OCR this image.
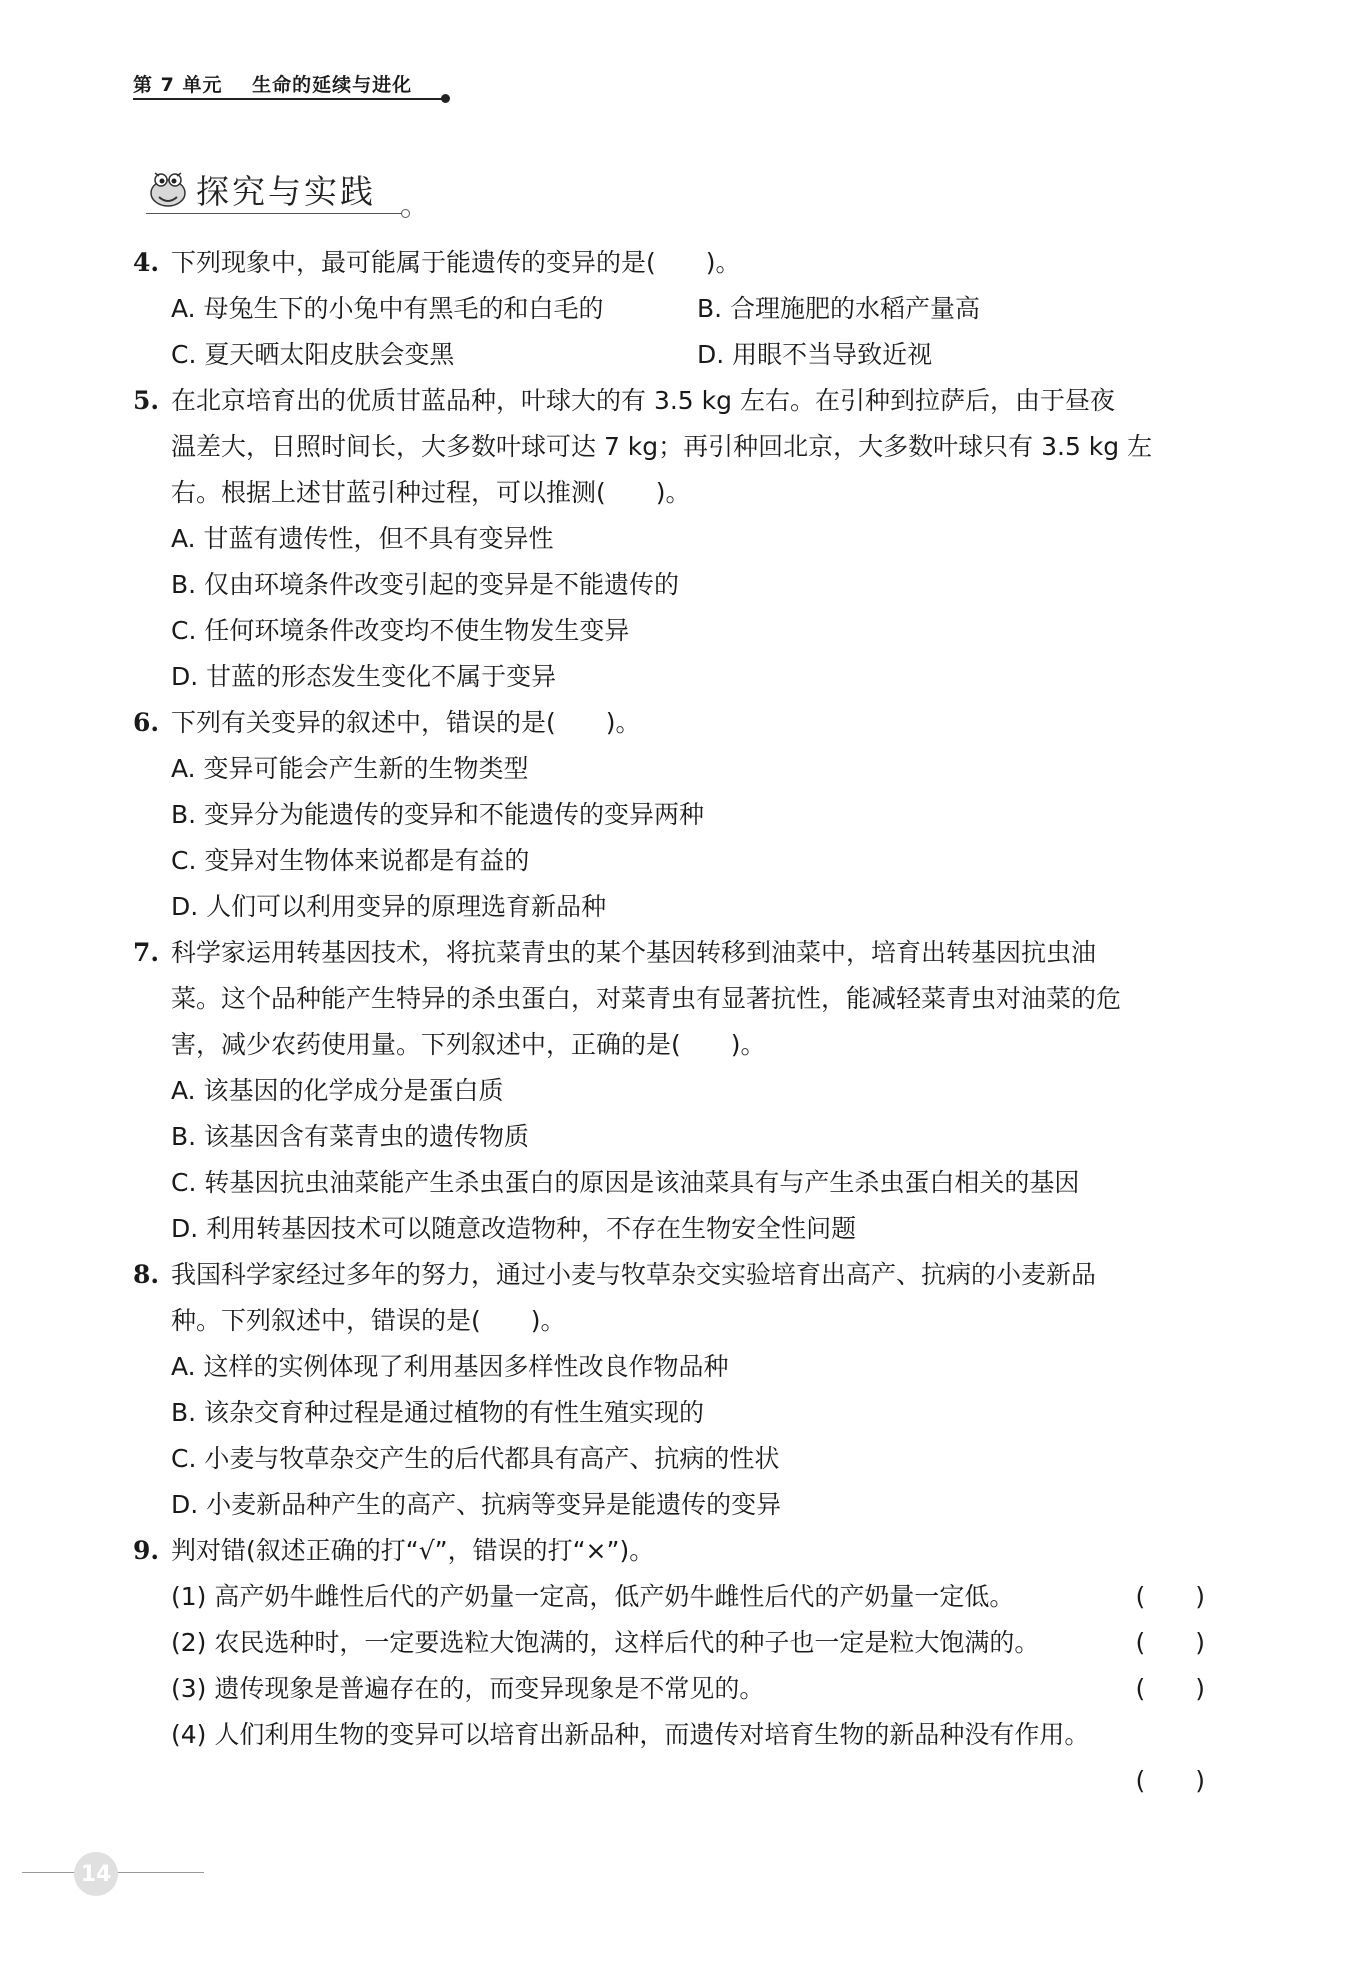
第 7 单元 生命的延续与进化
探究与实践
4. 下列现象中，最可能属于能遗传的变异的是(　　)。
A. 母兔生下的小兔中有黑毛的和白毛的	B. 合理施肥的水稻产量高
C. 夏天晒太阳皮肤会变黑	D. 用眼不当导致近视
5. 在北京培育出的优质甘蓝品种，叶球大的有 3.5 kg 左右。在引种到拉萨后，由于昼夜
温差大，日照时间长，大多数叶球可达 7 kg；再引种回北京，大多数叶球只有 3.5 kg 左
右。根据上述甘蓝引种过程，可以推测(　　)。
A. 甘蓝有遗传性，但不具有变异性
B. 仅由环境条件改变引起的变异是不能遗传的
C. 任何环境条件改变均不使生物发生变异
D. 甘蓝的形态发生变化不属于变异
6. 下列有关变异的叙述中，错误的是(　　)。
A. 变异可能会产生新的生物类型
B. 变异分为能遗传的变异和不能遗传的变异两种
C. 变异对生物体来说都是有益的
D. 人们可以利用变异的原理选育新品种
7. 科学家运用转基因技术，将抗菜青虫的某个基因转移到油菜中，培育出转基因抗虫油
菜。这个品种能产生特异的杀虫蛋白，对菜青虫有显著抗性，能减轻菜青虫对油菜的危
害，减少农药使用量。下列叙述中，正确的是(　　)。
A. 该基因的化学成分是蛋白质
B. 该基因含有菜青虫的遗传物质
C. 转基因抗虫油菜能产生杀虫蛋白的原因是该油菜具有与产生杀虫蛋白相关的基因
D. 利用转基因技术可以随意改造物种，不存在生物安全性问题
8. 我国科学家经过多年的努力，通过小麦与牧草杂交实验培育出高产、抗病的小麦新品
种。下列叙述中，错误的是(　　)。
A. 这样的实例体现了利用基因多样性改良作物品种
B. 该杂交育种过程是通过植物的有性生殖实现的
C. 小麦与牧草杂交产生的后代都具有高产、抗病的性状
D. 小麦新品种产生的高产、抗病等变异是能遗传的变异
9. 判对错(叙述正确的打“√”，错误的打“×”)。
(1) 高产奶牛雌性后代的产奶量一定高，低产奶牛雌性后代的产奶量一定低。	(　　)
(2) 农民选种时，一定要选粒大饱满的，这样后代的种子也一定是粒大饱满的。	(　　)
(3) 遗传现象是普遍存在的，而变异现象是不常见的。	(　　)
(4) 人们利用生物的变异可以培育出新品种，而遗传对培育生物的新品种没有作用。
(　　)
14
